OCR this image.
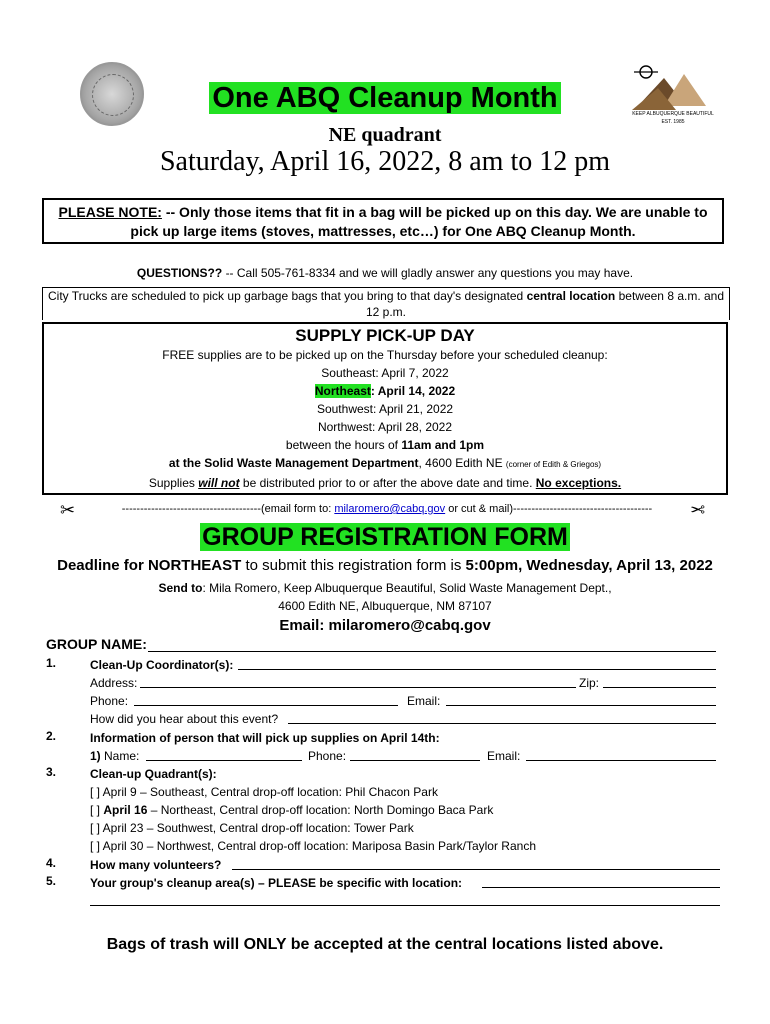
KEEP ALBUQUERQUE BEAUTIFUL
EST. 1985
One ABQ Cleanup Month
NE quadrant
Saturday, April 16, 2022, 8 am to 12 pm
PLEASE NOTE: -- Only those items that fit in a bag will be picked up on this day. We are unable to pick up large items (stoves, mattresses, etc…) for One ABQ Cleanup Month.
QUESTIONS?? -- Call 505-761-8334 and we will gladly answer any questions you may have.
City Trucks are scheduled to pick up garbage bags that you bring to that day's designated central location between 8 a.m. and 12 p.m.
SUPPLY PICK-UP DAY
FREE supplies are to be picked up on the Thursday before your scheduled cleanup:
Southeast: April 7, 2022
Northeast: April 14, 2022
Southwest: April 21, 2022
Northwest: April 28, 2022
between the hours of 11am and 1pm
at the Solid Waste Management Department, 4600 Edith NE (corner of Edith & Griegos)
Supplies will not be distributed prior to or after the above date and time. No exceptions.
✂	✂
--------------------------------------(email form to: milaromero@cabq.gov or cut & mail)--------------------------------------
GROUP REGISTRATION FORM
Deadline for NORTHEAST to submit this registration form is 5:00pm, Wednesday, April 13, 2022
Send to: Mila Romero, Keep Albuquerque Beautiful, Solid Waste Management Dept.,
4600 Edith NE, Albuquerque, NM 87107
Email: milaromero@cabq.gov
GROUP NAME:
1.	Clean-Up Coordinator(s):
Address:	Zip:
Phone:	Email:
How did you hear about this event?
2.	Information of person that will pick up supplies on April 14th:
1) Name:	Phone:	Email:
3.	Clean-up Quadrant(s):
[ ] April 9 – Southeast, Central drop-off location: Phil Chacon Park
[ ] April 16 – Northeast, Central drop-off location: North Domingo Baca Park
[ ] April 23 – Southwest, Central drop-off location: Tower Park
[ ] April 30 – Northwest, Central drop-off location: Mariposa Basin Park/Taylor Ranch
4.	How many volunteers?
5.	Your group's cleanup area(s) – PLEASE be specific with location:
Bags of trash will ONLY be accepted at the central locations listed above.
